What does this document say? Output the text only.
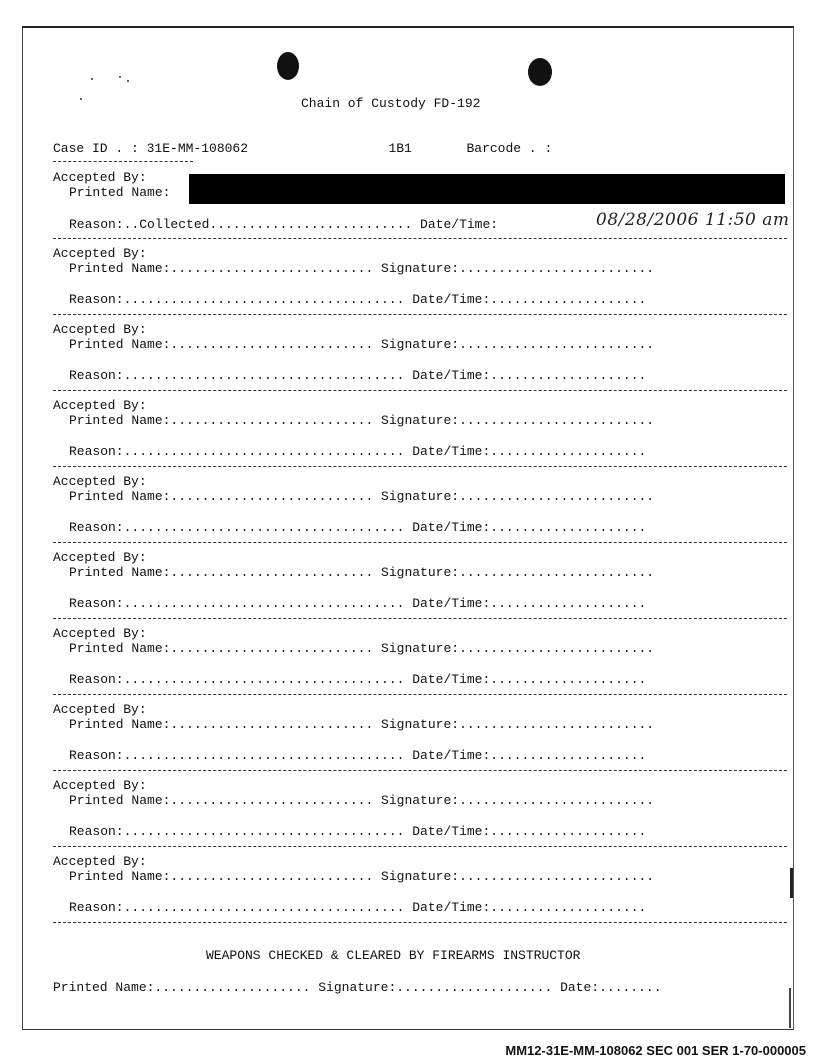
Chain of Custody FD-192
Case ID . : 31E-MM-108062                  1B1       Barcode . :
Accepted By:
Printed Name:
Reason:..Collected.......................... Date/Time:	08/28/2006 11:50 am
Accepted By:
Printed Name:.......................... Signature:.........................
Reason:.................................... Date/Time:....................
Accepted By:
Printed Name:.......................... Signature:.........................
Reason:.................................... Date/Time:....................
Accepted By:
Printed Name:.......................... Signature:.........................
Reason:.................................... Date/Time:....................
Accepted By:
Printed Name:.......................... Signature:.........................
Reason:.................................... Date/Time:....................
Accepted By:
Printed Name:.......................... Signature:.........................
Reason:.................................... Date/Time:....................
Accepted By:
Printed Name:.......................... Signature:.........................
Reason:.................................... Date/Time:....................
Accepted By:
Printed Name:.......................... Signature:.........................
Reason:.................................... Date/Time:....................
Accepted By:
Printed Name:.......................... Signature:.........................
Reason:.................................... Date/Time:....................
Accepted By:
Printed Name:.......................... Signature:.........................
Reason:.................................... Date/Time:....................
WEAPONS CHECKED & CLEARED BY FIREARMS INSTRUCTOR
Printed Name:.................... Signature:.................... Date:........
MM12-31E-MM-108062 SEC 001 SER 1-70-000005
